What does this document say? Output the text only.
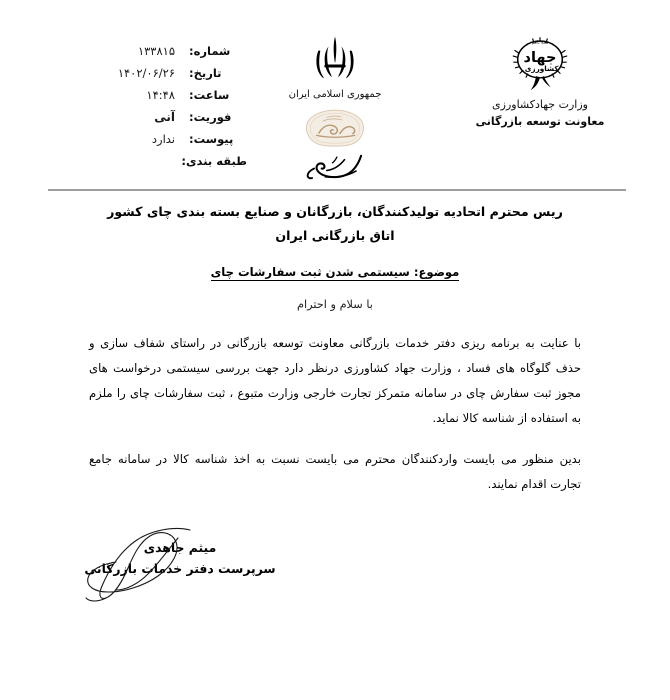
شماره:
۱۳۳۸۱۵
تاریخ:
۱۴۰۲/۰۶/۲۶
ساعت:
۱۴:۴۸
فوریت:
آنی
پیوست:
ندارد
طبقه بندی:
جمهوری اسلامی ایران
همه باهم
جهاد
کشاورزی
وزارت جهادکشاورزی
معاونت توسعه بازرگانی
ریس محترم اتحادیه تولیدکنندگان، بازرگانان و صنایع بسته بندی چای کشور
اتاق بازرگانی ایران
موضوع: سیستمی شدن ثبت سفارشات چای
با سلام و احترام

با عنایت به برنامه ریزی دفتر خدمات بازرگانی معاونت توسعه بازرگانی در راستای شفاف سازی و حذف گلوگاه های فساد ، وزارت جهاد کشاورزی درنظر دارد جهت بررسی سیستمی درخواست های مجوز ثبت سفارش چای در سامانه متمرکز تجارت خارجی وزارت متبوع ، ثبت سفارشات چای را ملزم به استفاده از شناسه کالا نماید.

بدین منظور می بایست واردکنندگان محترم می بایست نسبت به اخذ شناسه کالا در سامانه جامع تجارت اقدام نمایند.

میثم جاهدی
سرپرست دفتر خدمات بازرگانی
